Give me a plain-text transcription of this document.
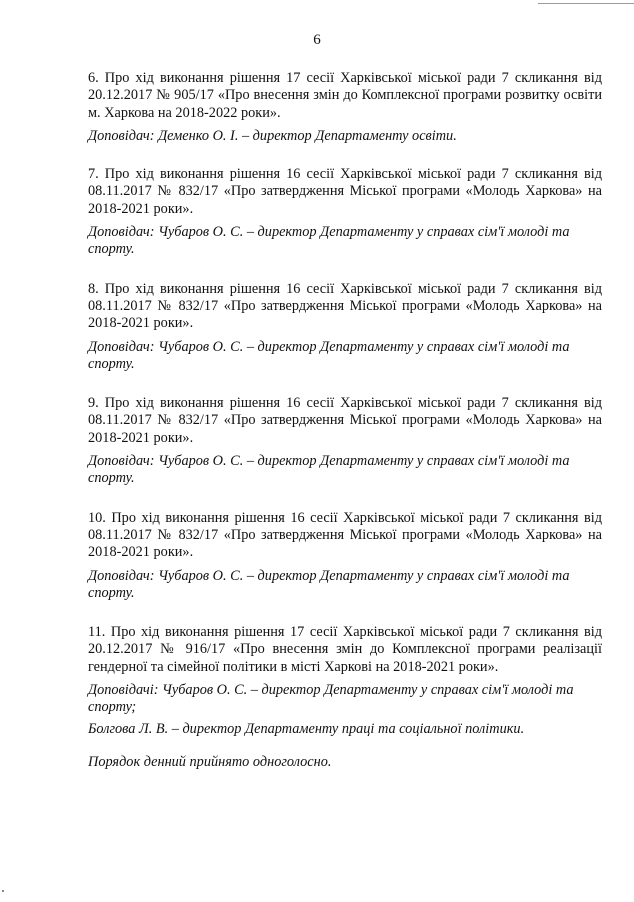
6

6. Про хід виконання рішення 17 сесії Харківської міської ради 7 скликання від 20.12.2017 № 905/17 «Про внесення змін до Комплексної програми розвитку освіти м. Харкова на 2018-2022 роки».

Доповідач: Деменко О. І. – директор Департаменту освіти.

7. Про хід виконання рішення 16 сесії Харківської міської ради 7 скликання від 08.11.2017 № 832/17 «Про затвердження Міської програми «Молодь Харкова» на 2018-2021 роки».

Доповідач: Чубаров О. С. – директор Департаменту у справах сім'ї молоді та спорту.

8. Про хід виконання рішення 16 сесії Харківської міської ради 7 скликання від 08.11.2017 № 832/17 «Про затвердження Міської програми «Молодь Харкова» на 2018-2021 роки».

Доповідач: Чубаров О. С. – директор Департаменту у справах сім'ї молоді та спорту.

9. Про хід виконання рішення 16 сесії Харківської міської ради 7 скликання від 08.11.2017 № 832/17 «Про затвердження Міської програми «Молодь Харкова» на 2018-2021 роки».

Доповідач: Чубаров О. С. – директор Департаменту у справах сім'ї молоді та спорту.

10. Про хід виконання рішення 16 сесії Харківської міської ради 7 скликання від 08.11.2017 № 832/17 «Про затвердження Міської програми «Молодь Харкова» на 2018-2021 роки».

Доповідач: Чубаров О. С. – директор Департаменту у справах сім'ї молоді та спорту.

11. Про хід виконання рішення 17 сесії Харківської міської ради 7 скликання від 20.12.2017 № 916/17 «Про внесення змін до Комплексної програми реалізації гендерної та сімейної політики в місті Харкові на 2018-2021 роки».

Доповідачі: Чубаров О. С. – директор Департаменту у справах сім'ї молоді та спорту;

Болгова Л. В. – директор Департаменту праці та соціальної політики.

Порядок денний прийнято одноголосно.
